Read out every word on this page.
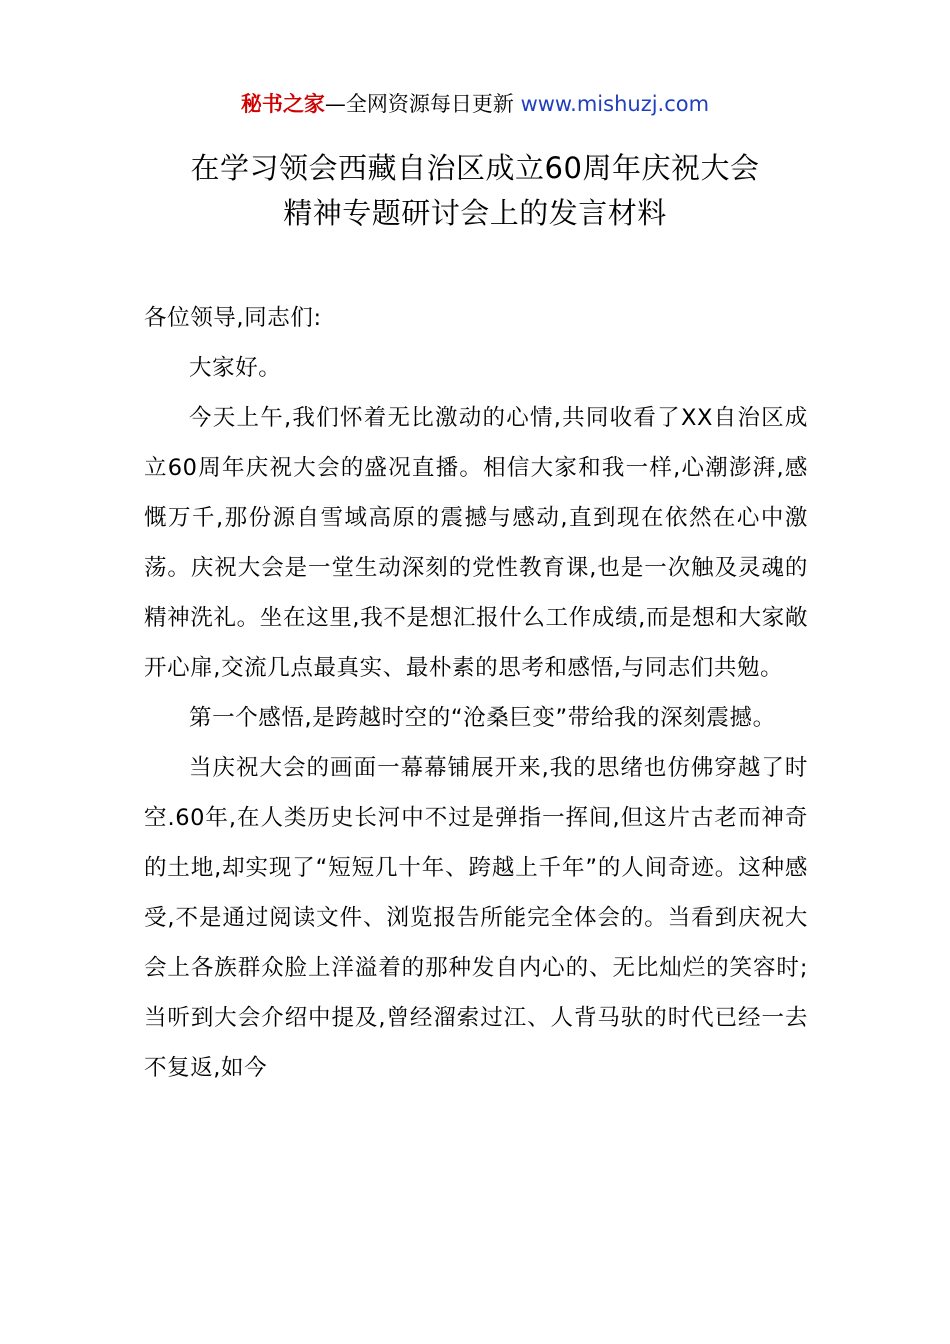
秘书之家—全网资源每日更新 www.mishuzj.com
在学习领会西藏自治区成立60周年庆祝大会
精神专题研讨会上的发言材料

各位领导,同志们:

大家好。

今天上午,我们怀着无比激动的心情,共同收看了XX自治区成立60周年庆祝大会的盛况直播。相信大家和我一样,心潮澎湃,感慨万千,那份源自雪域高原的震撼与感动,直到现在依然在心中激荡。庆祝大会是一堂生动深刻的党性教育课,也是一次触及灵魂的精神洗礼。坐在这里,我不是想汇报什么工作成绩,而是想和大家敞开心扉,交流几点最真实、最朴素的思考和感悟,与同志们共勉。

第一个感悟,是跨越时空的“沧桑巨变”带给我的深刻震撼。

当庆祝大会的画面一幕幕铺展开来,我的思绪也仿佛穿越了时空.60年,在人类历史长河中不过是弹指一挥间,但这片古老而神奇的土地,却实现了“短短几十年、跨越上千年”的人间奇迹。这种感受,不是通过阅读文件、浏览报告所能完全体会的。当看到庆祝大会上各族群众脸上洋溢着的那种发自内心的、无比灿烂的笑容时;当听到大会介绍中提及,曾经溜索过江、人背马驮的时代已经一去不复返,如今
